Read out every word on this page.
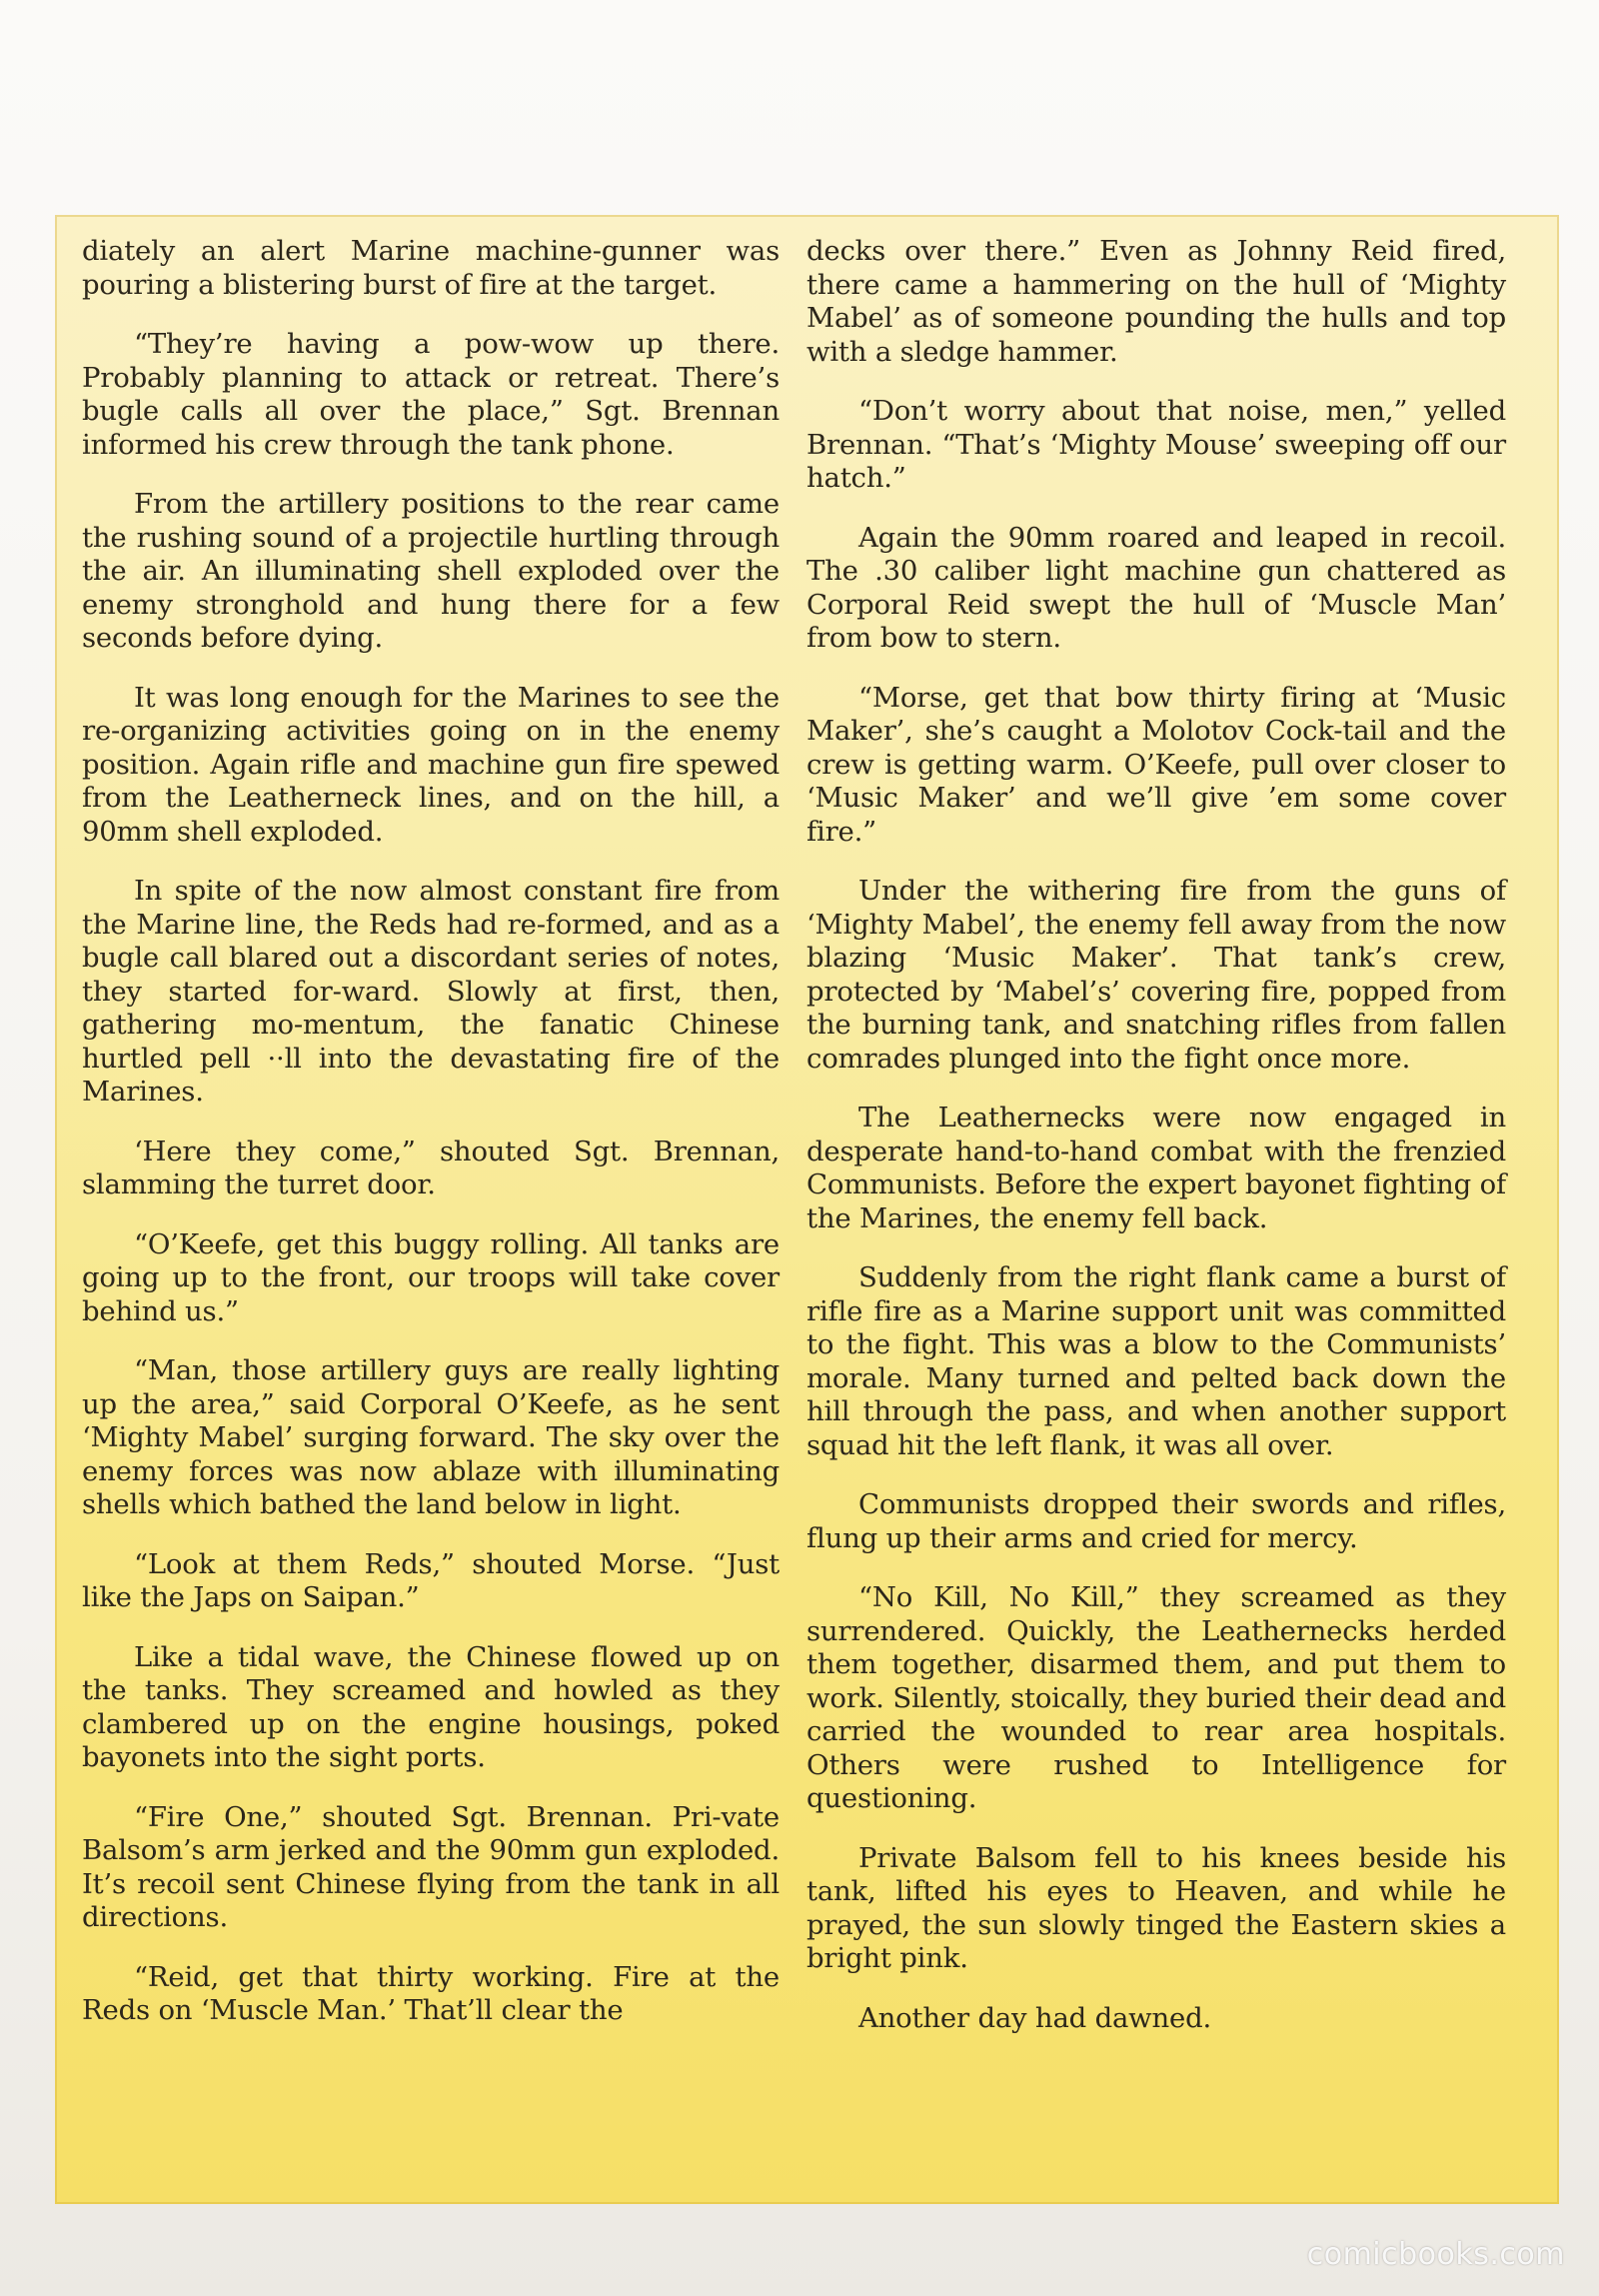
diately an alert Marine machine-gunner was pouring a blistering burst of fire at the target.

“They’re having a pow-wow up there. Probably planning to attack or retreat. There’s bugle calls all over the place,” Sgt. Brennan informed his crew through the tank phone.

From the artillery positions to the rear came the rushing sound of a projectile hurtling through the air. An illuminating shell exploded over the enemy stronghold and hung there for a few seconds before dying.

It was long enough for the Marines to see the re-organizing activities going on in the enemy position. Again rifle and machine gun fire spewed from the Leatherneck lines, and on the hill, a 90mm shell exploded.

In spite of the now almost constant fire from the Marine line, the Reds had re-formed, and as a bugle call blared out a discordant series of notes, they started for-ward. Slowly at first, then, gathering mo-mentum, the fanatic Chinese hurtled pell ··ll into the devastating fire of the Marines.

‘Here they come,” shouted Sgt. Brennan, slamming the turret door.

“O’Keefe, get this buggy rolling. All tanks are going up to the front, our troops will take cover behind us.”

“Man, those artillery guys are really lighting up the area,” said Corporal O’Keefe, as he sent ‘Mighty Mabel’ surging forward. The sky over the enemy forces was now ablaze with illuminating shells which bathed the land below in light.

“Look at them Reds,” shouted Morse. “Just like the Japs on Saipan.”

Like a tidal wave, the Chinese flowed up on the tanks. They screamed and howled as they clambered up on the engine housings, poked bayonets into the sight ports.

“Fire One,” shouted Sgt. Brennan. Pri-vate Balsom’s arm jerked and the 90mm gun exploded. It’s recoil sent Chinese flying from the tank in all directions.

“Reid, get that thirty working. Fire at the Reds on ‘Muscle Man.’ That’ll clear the

decks over there.” Even as Johnny Reid fired, there came a hammering on the hull of ‘Mighty Mabel’ as of someone pounding the hulls and top with a sledge hammer.

“Don’t worry about that noise, men,” yelled Brennan. “That’s ‘Mighty Mouse’ sweeping off our hatch.”

Again the 90mm roared and leaped in recoil. The .30 caliber light machine gun chattered as Corporal Reid swept the hull of ‘Muscle Man’ from bow to stern.

“Morse, get that bow thirty firing at ‘Music Maker’, she’s caught a Molotov Cock-tail and the crew is getting warm. O’Keefe, pull over closer to ‘Music Maker’ and we’ll give ’em some cover fire.”

Under the withering fire from the guns of ‘Mighty Mabel’, the enemy fell away from the now blazing ‘Music Maker’. That tank’s crew, protected by ‘Mabel’s’ covering fire, popped from the burning tank, and snatching rifles from fallen comrades plunged into the fight once more.

The Leathernecks were now engaged in desperate hand-to-hand combat with the frenzied Communists. Before the expert bayonet fighting of the Marines, the enemy fell back.

Suddenly from the right flank came a burst of rifle fire as a Marine support unit was committed to the fight. This was a blow to the Communists’ morale. Many turned and pelted back down the hill through the pass, and when another support squad hit the left flank, it was all over.

Communists dropped their swords and rifles, flung up their arms and cried for mercy.

“No Kill, No Kill,” they screamed as they surrendered. Quickly, the Leathernecks herded them together, disarmed them, and put them to work. Silently, stoically, they buried their dead and carried the wounded to rear area hospitals. Others were rushed to Intelligence for questioning.

Private Balsom fell to his knees beside his tank, lifted his eyes to Heaven, and while he prayed, the sun slowly tinged the Eastern skies a bright pink.

Another day had dawned.

comicbooks.com
